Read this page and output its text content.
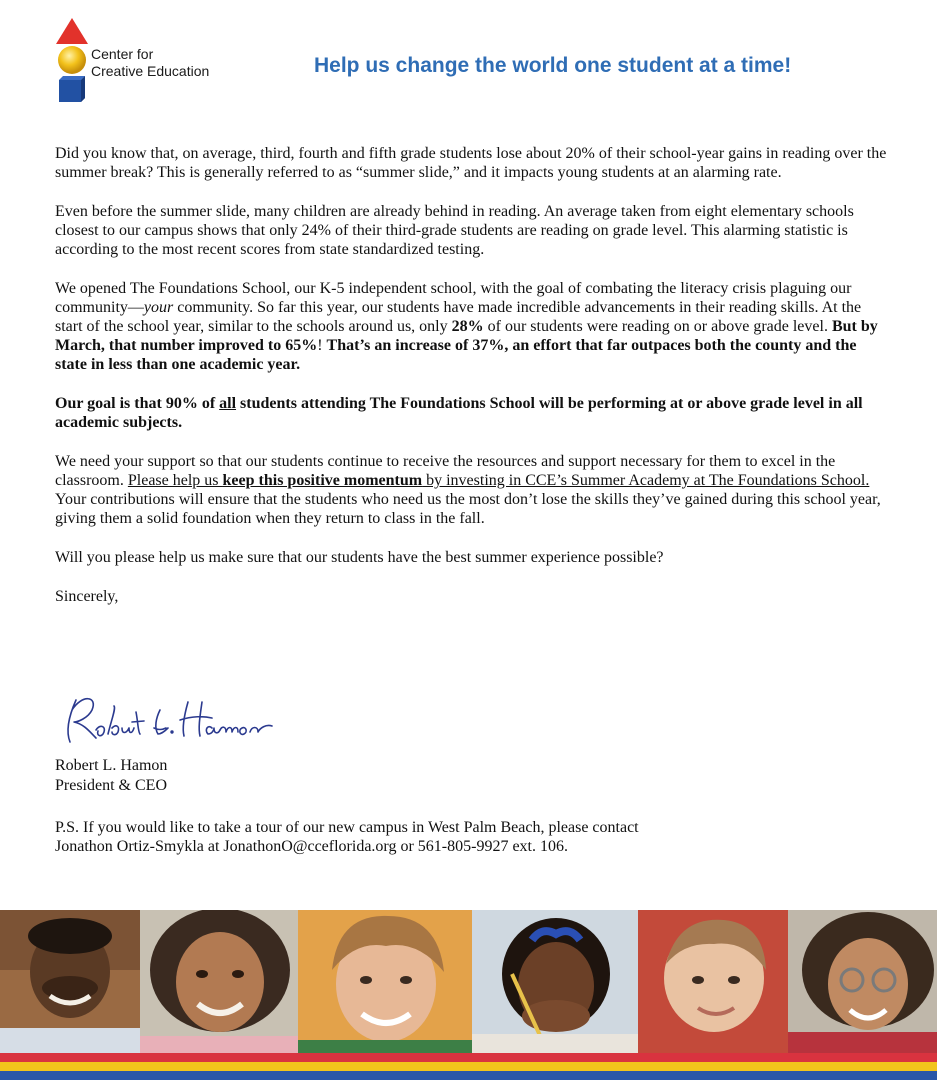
Center for
Creative Education	Help us change the world one student at a time!

Did you know that, on average, third, fourth and fifth grade students lose about 20% of their school-year gains in reading over the summer break? This is generally referred to as “summer slide,” and it impacts young students at an alarming rate.

Even before the summer slide, many children are already behind in reading. An average taken from eight elementary schools closest to our campus shows that only 24% of their third-grade students are reading on grade level. This alarming statistic is according to the most recent scores from state standardized testing.

We opened The Foundations School, our K-5 independent school, with the goal of combating the literacy crisis plaguing our community—your community. So far this year, our students have made incredible advancements in their reading skills. At the start of the school year, similar to the schools around us, only 28% of our students were reading on or above grade level. But by March, that number improved to 65%! That’s an increase of 37%, an effort that far outpaces both the county and the state in less than one academic year.

Our goal is that 90% of all students attending The Foundations School will be performing at or above grade level in all academic subjects.

We need your support so that our students continue to receive the resources and support necessary for them to excel in the classroom. Please help us keep this positive momentum by investing in CCE’s Summer Academy at The Foundations School. Your contributions will ensure that the students who need us the most don’t lose the skills they’ve gained during this school year, giving them a solid foundation when they return to class in the fall.

Will you please help us make sure that our students have the best summer experience possible?

Sincerely,

Robert L. Hamon
President & CEO
P.S. If you would like to take a tour of our new campus in West Palm Beach, please contact
Jonathon Ortiz-Smykla at JonathonO@cceflorida.org or 561-805-9927 ext. 106.
